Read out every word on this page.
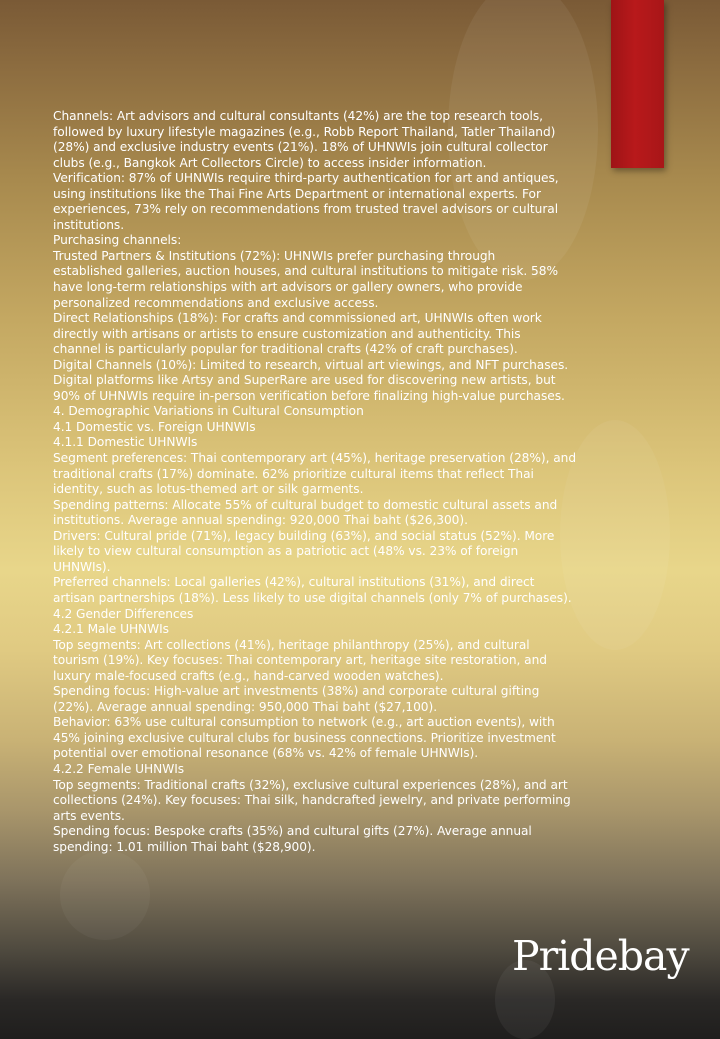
Channels: Art advisors and cultural consultants (42%) are the top research tools,

followed by luxury lifestyle magazines (e.g., Robb Report Thailand, Tatler Thailand)

(28%) and exclusive industry events (21%). 18% of UHNWIs join cultural collector

clubs (e.g., Bangkok Art Collectors Circle) to access insider information.

Verification: 87% of UHNWIs require third-party authentication for art and antiques,

using institutions like the Thai Fine Arts Department or international experts. For

experiences, 73% rely on recommendations from trusted travel advisors or cultural

institutions.

Purchasing channels:

Trusted Partners & Institutions (72%): UHNWIs prefer purchasing through

established galleries, auction houses, and cultural institutions to mitigate risk. 58%

have long-term relationships with art advisors or gallery owners, who provide

personalized recommendations and exclusive access.

Direct Relationships (18%): For crafts and commissioned art, UHNWIs often work

directly with artisans or artists to ensure customization and authenticity. This

channel is particularly popular for traditional crafts (42% of craft purchases).

Digital Channels (10%): Limited to research, virtual art viewings, and NFT purchases.

Digital platforms like Artsy and SuperRare are used for discovering new artists, but

90% of UHNWIs require in-person verification before finalizing high-value purchases.

4. Demographic Variations in Cultural Consumption

4.1 Domestic vs. Foreign UHNWIs

4.1.1 Domestic UHNWIs

Segment preferences: Thai contemporary art (45%), heritage preservation (28%), and

traditional crafts (17%) dominate. 62% prioritize cultural items that reflect Thai

identity, such as lotus-themed art or silk garments.

Spending patterns: Allocate 55% of cultural budget to domestic cultural assets and

institutions. Average annual spending: 920,000 Thai baht ($26,300).

Drivers: Cultural pride (71%), legacy building (63%), and social status (52%). More

likely to view cultural consumption as a patriotic act (48% vs. 23% of foreign

UHNWIs).

Preferred channels: Local galleries (42%), cultural institutions (31%), and direct

artisan partnerships (18%). Less likely to use digital channels (only 7% of purchases).

4.2 Gender Differences

4.2.1 Male UHNWIs

Top segments: Art collections (41%), heritage philanthropy (25%), and cultural

tourism (19%). Key focuses: Thai contemporary art, heritage site restoration, and

luxury male-focused crafts (e.g., hand-carved wooden watches).

Spending focus: High-value art investments (38%) and corporate cultural gifting

(22%). Average annual spending: 950,000 Thai baht ($27,100).

Behavior: 63% use cultural consumption to network (e.g., art auction events), with

45% joining exclusive cultural clubs for business connections. Prioritize investment

potential over emotional resonance (68% vs. 42% of female UHNWIs).

4.2.2 Female UHNWIs

Top segments: Traditional crafts (32%), exclusive cultural experiences (28%), and art

collections (24%). Key focuses: Thai silk, handcrafted jewelry, and private performing

arts events.

Spending focus: Bespoke crafts (35%) and cultural gifts (27%). Average annual

spending: 1.01 million Thai baht ($28,900).

Pridebay
